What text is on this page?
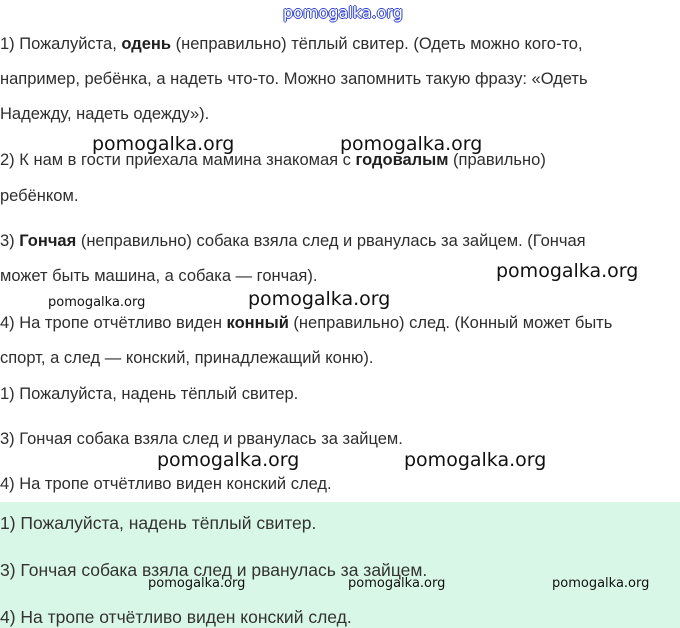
pomogalka.org

1) Пожалуйста, одень (неправильно) тёплый свитер. (Одеть можно кого-то,

например, ребёнка, а надеть что-то. Можно запомнить такую фразу: «Одеть

Надежду, надеть одежду»).

pomogalka.org	pomogalka.org

2) К нам в гости приехала мамина знакомая с годовалым (правильно)

ребёнком.

3) Гончая (неправильно) собака взяла след и рванулась за зайцем. (Гончая

может быть машина, а собака — гончая).	pomogalka.org
pomogalka.org	pomogalka.org

4) На тропе отчётливо виден конный (неправильно) след. (Конный может быть

спорт, а след — конский, принадлежащий коню).

1) Пожалуйста, надень тёплый свитер.

3) Гончая собака взяла след и рванулась за зайцем.

pomogalka.org	pomogalka.org

4) На тропе отчётливо виден конский след.

1) Пожалуйста, надень тёплый свитер.

3) Гончая собака взяла след и рванулась за зайцем.

pomogalka.org	pomogalka.org	pomogalka.org

4) На тропе отчётливо виден конский след.
